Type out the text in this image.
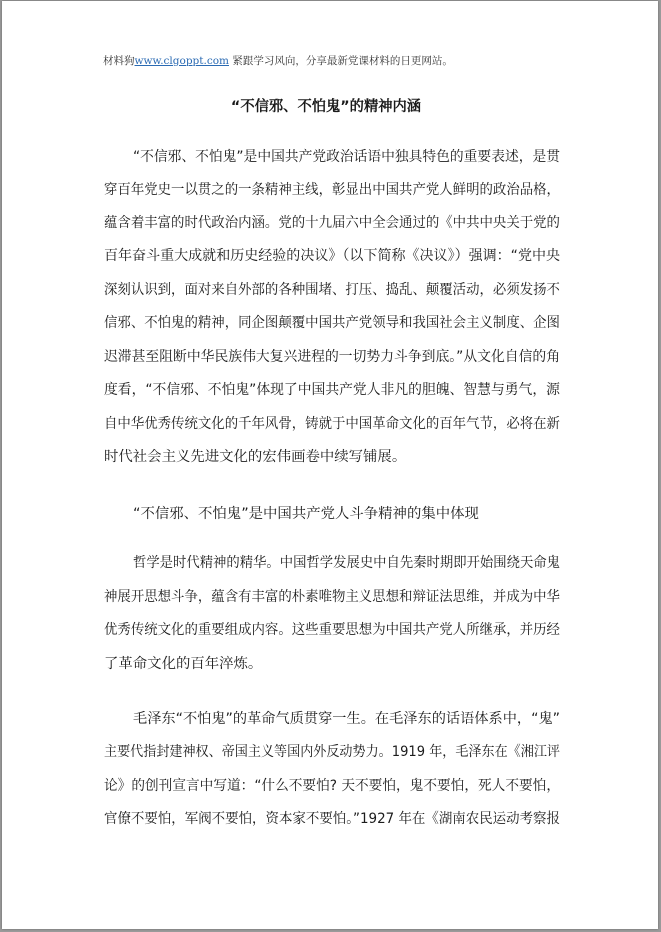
材料狗www.clgoppt.com 紧跟学习风向，分享最新党课材料的日更网站。
“不信邪、不怕鬼”的精神内涵
“不信邪、不怕鬼”是中国共产党政治话语中独具特色的重要表述，是贯
穿百年党史一以贯之的一条精神主线，彰显出中国共产党人鲜明的政治品格，
蕴含着丰富的时代政治内涵。党的十九届六中全会通过的《中共中央关于党的
百年奋斗重大成就和历史经验的决议》（以下简称《决议》）强调：“党中央
深刻认识到，面对来自外部的各种围堵、打压、捣乱、颠覆活动，必须发扬不
信邪、不怕鬼的精神，同企图颠覆中国共产党领导和我国社会主义制度、企图
迟滞甚至阻断中华民族伟大复兴进程的一切势力斗争到底。”从文化自信的角
度看，“不信邪、不怕鬼”体现了中国共产党人非凡的胆魄、智慧与勇气，源
自中华优秀传统文化的千年风骨，铸就于中国革命文化的百年气节，必将在新
时代社会主义先进文化的宏伟画卷中续写铺展。
“不信邪、不怕鬼”是中国共产党人斗争精神的集中体现
哲学是时代精神的精华。中国哲学发展史中自先秦时期即开始围绕天命鬼
神展开思想斗争，蕴含有丰富的朴素唯物主义思想和辩证法思维，并成为中华
优秀传统文化的重要组成内容。这些重要思想为中国共产党人所继承，并历经
了革命文化的百年淬炼。
毛泽东“不怕鬼”的革命气质贯穿一生。在毛泽东的话语体系中，“鬼”
主要代指封建神权、帝国主义等国内外反动势力。1919 年，毛泽东在《湘江评
论》的创刊宣言中写道：“什么不要怕? 天不要怕，鬼不要怕，死人不要怕，
官僚不要怕，军阀不要怕，资本家不要怕。”1927 年在《湖南农民运动考察报
